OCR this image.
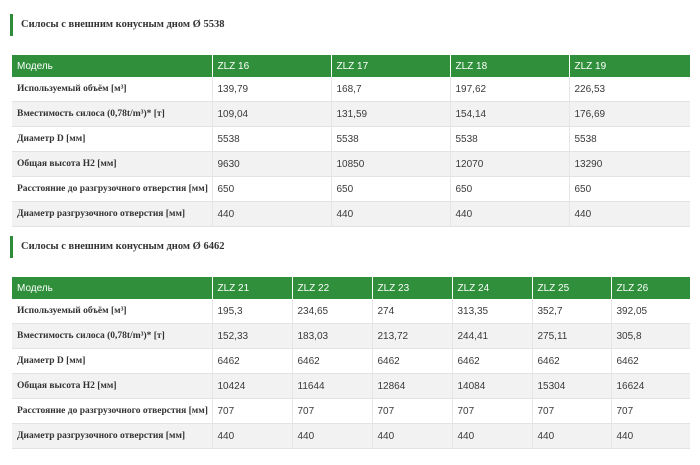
Силосы с внешним конусным дном Ø 5538
Модель	ZLZ 16	ZLZ 17	ZLZ 18	ZLZ 19
Используемый объём [м³]	139,79	168,7	197,62	226,53
Вместимость силоса (0,78t/m³)* [т]	109,04	131,59	154,14	176,69
Диаметр D [мм]	5538	5538	5538	5538
Общая высота Н2 [мм]	9630	10850	12070	13290
Расстояние до разгрузочного отверстия [мм]	650	650	650	650
Диаметр разгрузочного отверстия [мм]	440	440	440	440
Силосы с внешним конусным дном Ø 6462
Модель	ZLZ 21	ZLZ 22	ZLZ 23	ZLZ 24	ZLZ 25	ZLZ 26
Используемый объём [м³]	195,3	234,65	274	313,35	352,7	392,05
Вместимость силоса (0,78t/m³)* [т]	152,33	183,03	213,72	244,41	275,11	305,8
Диаметр D [мм]	6462	6462	6462	6462	6462	6462
Общая высота Н2 [мм]	10424	11644	12864	14084	15304	16624
Расстояние до разгрузочного отверстия [мм]	707	707	707	707	707	707
Диаметр разгрузочного отверстия [мм]	440	440	440	440	440	440
